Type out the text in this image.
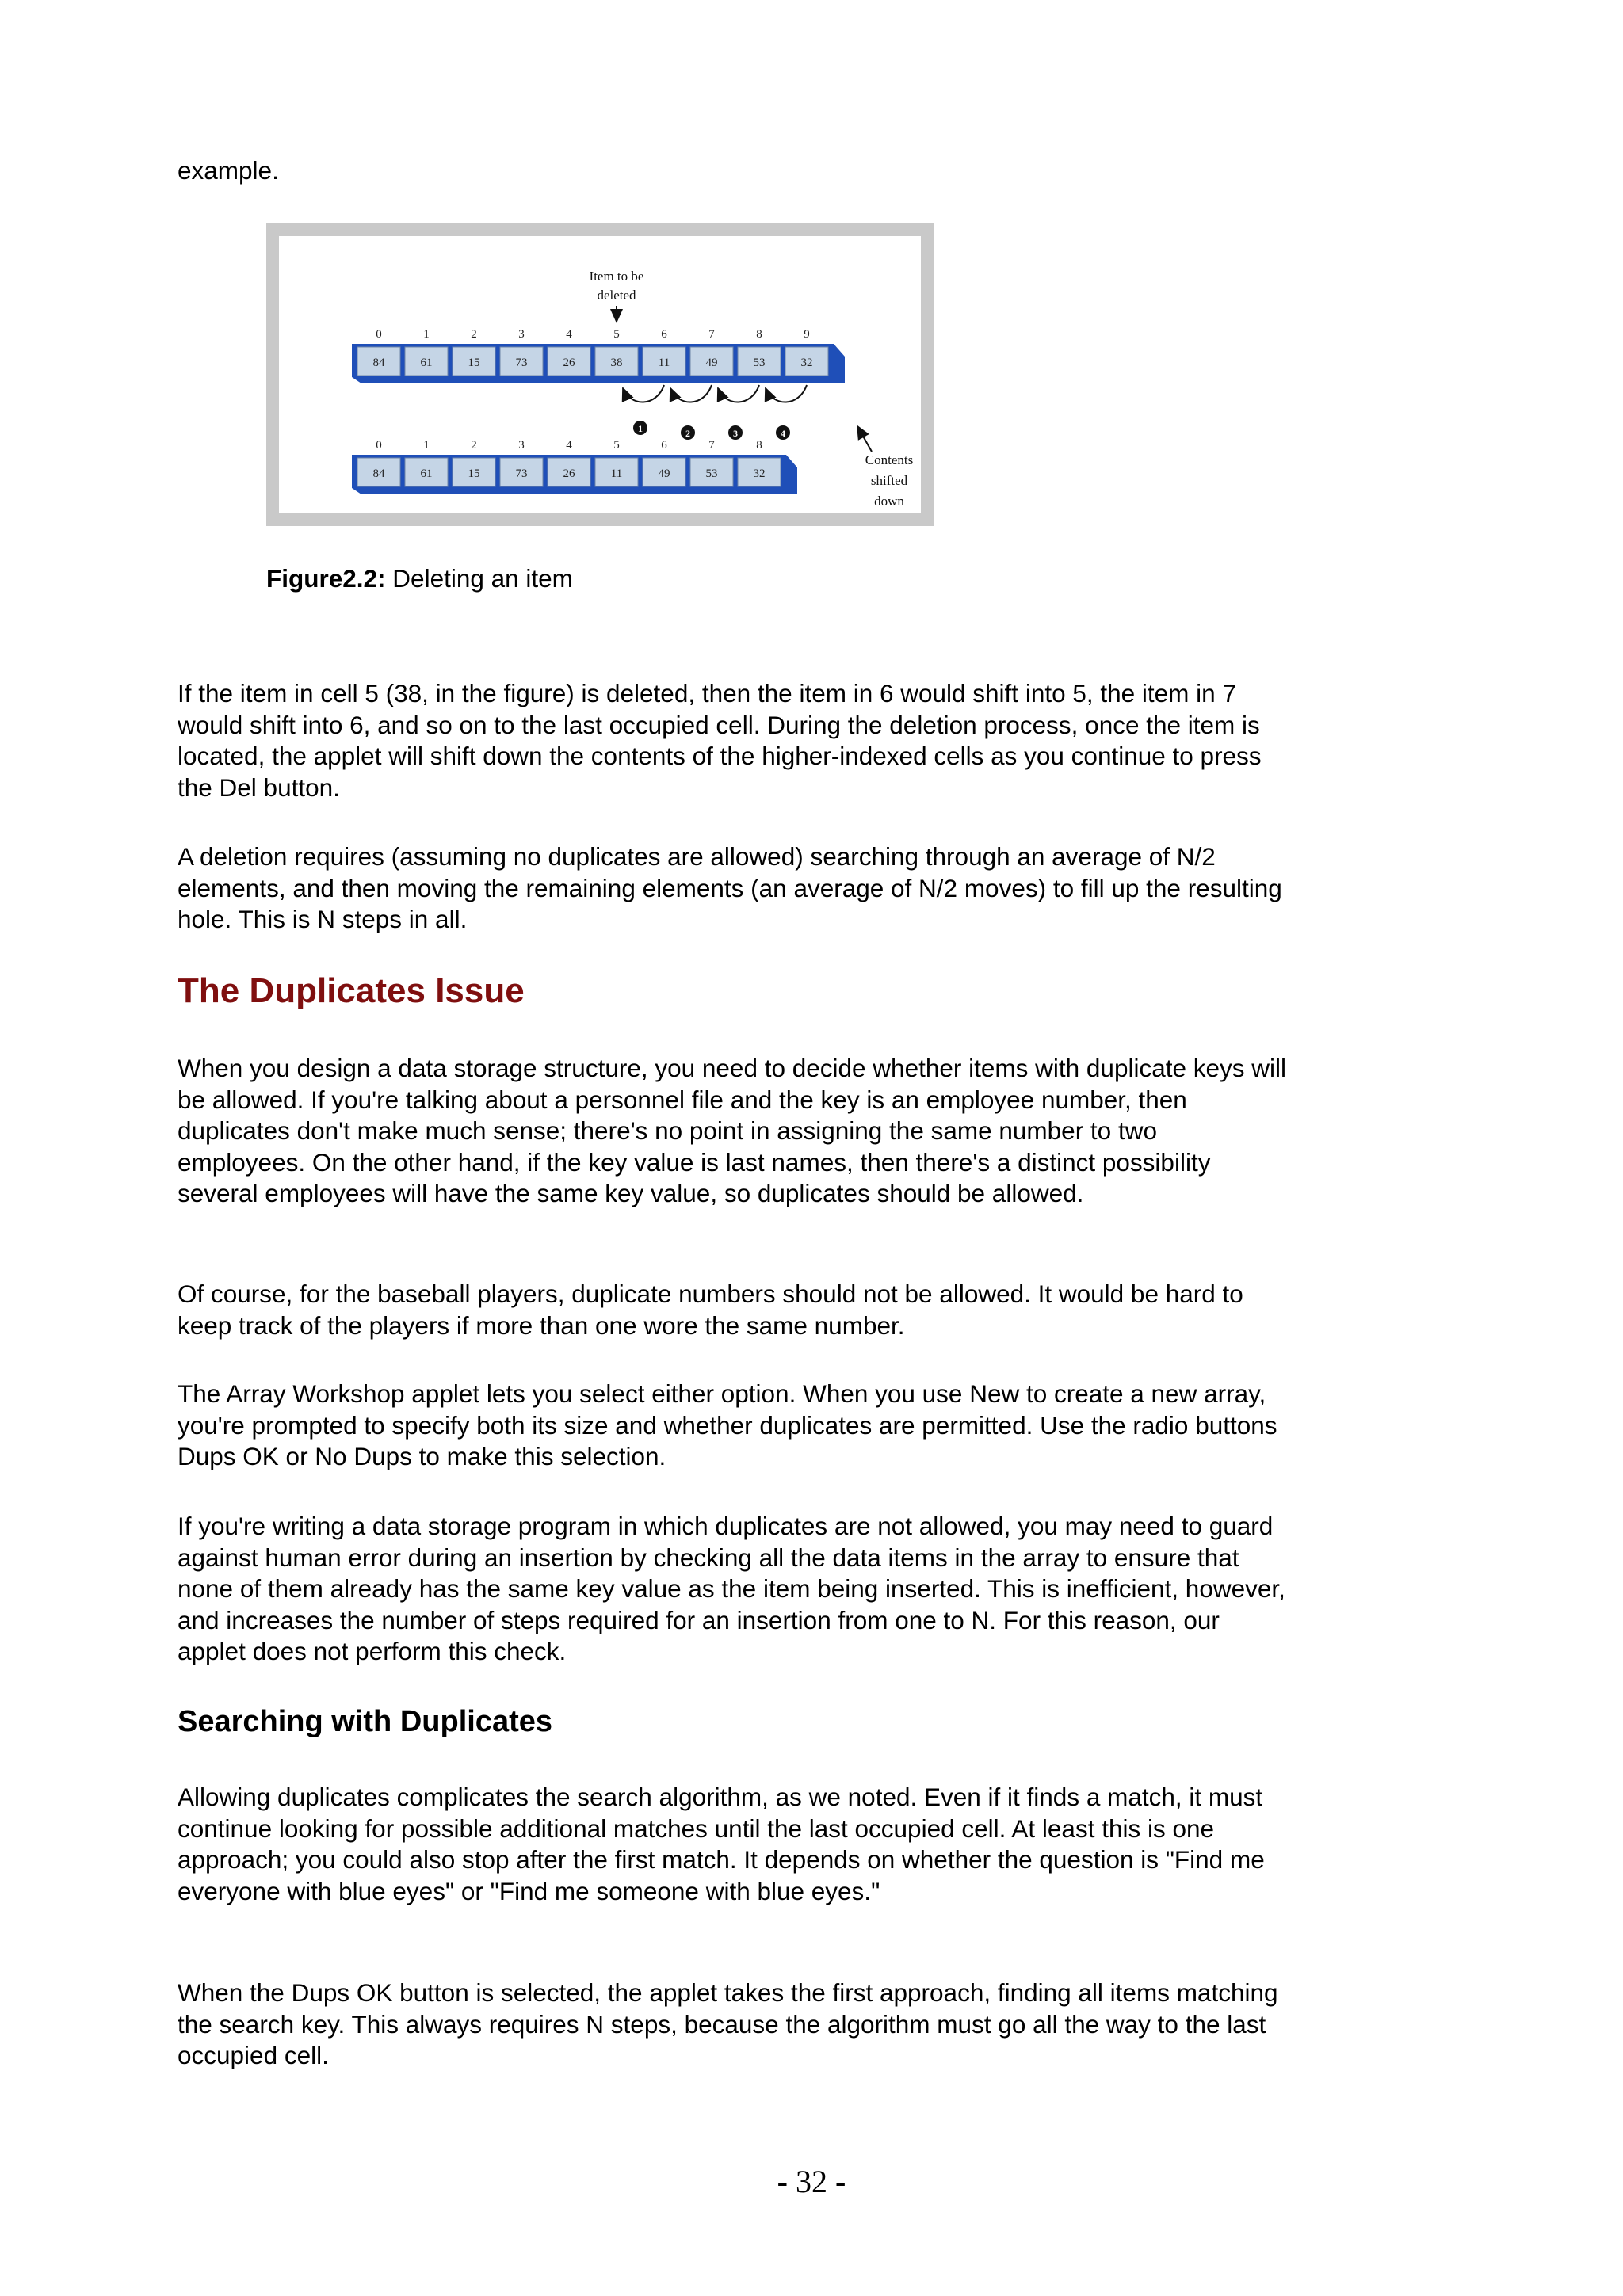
example.

84
0
61
1
15
2
73
3
26
4
38
5
11
6
49
7
53
8
32
9
84
0
61
1
15
2
73
3
26
4
11
5
49
6
53
7
32
8
Item to be
deleted
1	2	3	4
Contents
shifted
down

Figure2.2: Deleting an item

If the item in cell 5 (38, in the figure) is deleted, then the item in 6 would shift into 5, the item in 7 would shift into 6, and so on to the last occupied cell. During the deletion process, once the item is located, the applet will shift down the contents of the higher-indexed cells as you continue to press the Del button.

A deletion requires (assuming no duplicates are allowed) searching through an average of N/2 elements, and then moving the remaining elements (an average of N/2 moves) to fill up the resulting hole. This is N steps in all.

The Duplicates Issue

When you design a data storage structure, you need to decide whether items with duplicate keys will be allowed. If you're talking about a personnel file and the key is an employee number, then duplicates don't make much sense; there's no point in assigning the same number to two employees. On the other hand, if the key value is last names, then there's a distinct possibility several employees will have the same key value, so duplicates should be allowed.

Of course, for the baseball players, duplicate numbers should not be allowed. It would be hard to keep track of the players if more than one wore the same number.

The Array Workshop applet lets you select either option. When you use New to create a new array, you're prompted to specify both its size and whether duplicates are permitted. Use the radio buttons Dups OK or No Dups to make this selection.

If you're writing a data storage program in which duplicates are not allowed, you may need to guard against human error during an insertion by checking all the data items in the array to ensure that none of them already has the same key value as the item being inserted. This is inefficient, however, and increases the number of steps required for an insertion from one to N. For this reason, our applet does not perform this check.

Searching with Duplicates

Allowing duplicates complicates the search algorithm, as we noted. Even if it finds a match, it must continue looking for possible additional matches until the last occupied cell. At least this is one approach; you could also stop after the first match. It depends on whether the question is "Find me everyone with blue eyes" or "Find me someone with blue eyes."

When the Dups OK button is selected, the applet takes the first approach, finding all items matching the search key. This always requires N steps, because the algorithm must go all the way to the last occupied cell.

- 32 -
